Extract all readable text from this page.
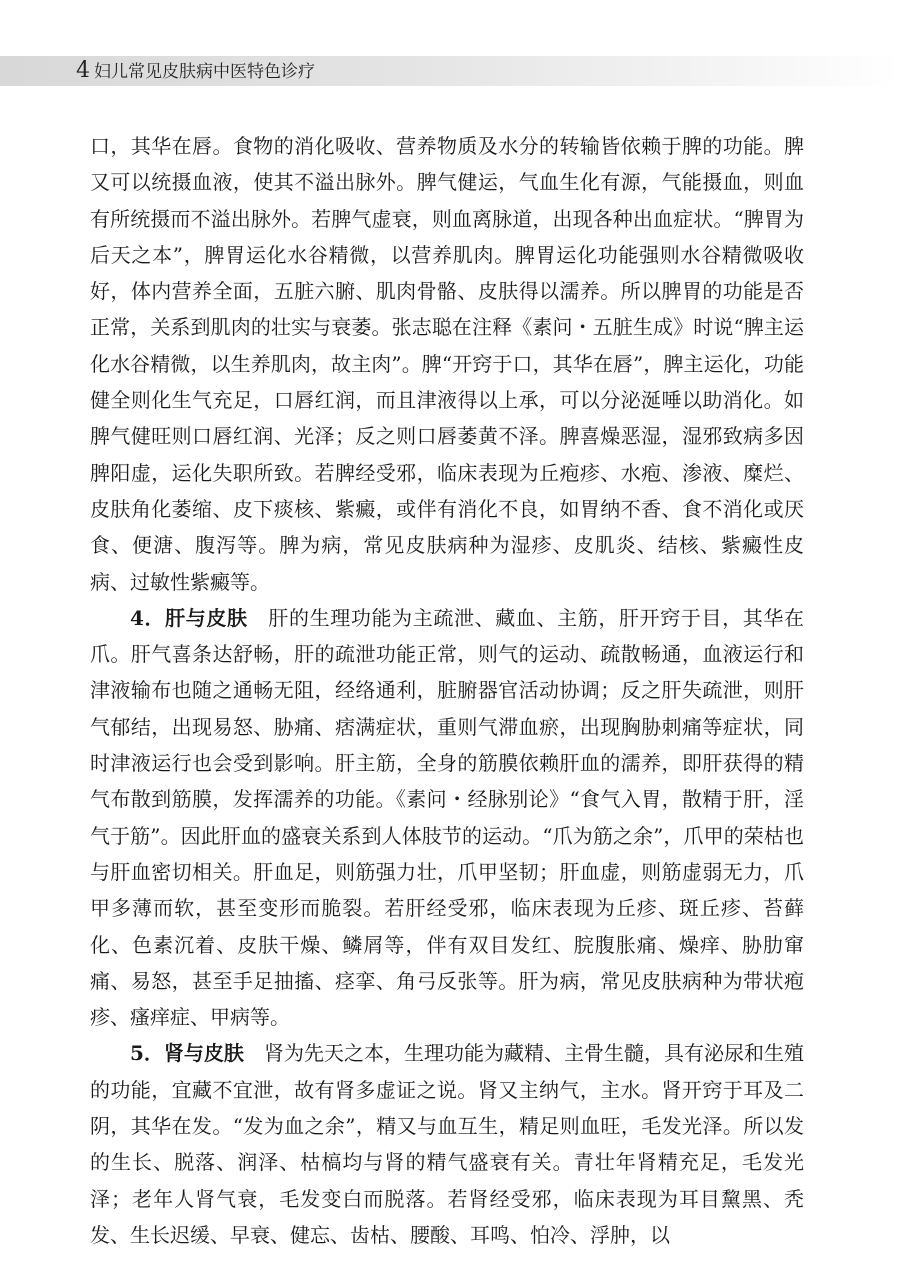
4 妇儿常见皮肤病中医特色诊疗

口，其华在唇。食物的消化吸收、营养物质及水分的转输皆依赖于脾的功能。脾又可以统摄血液，使其不溢出脉外。脾气健运，气血生化有源，气能摄血，则血有所统摄而不溢出脉外。若脾气虚衰，则血离脉道，出现各种出血症状。“脾胃为后天之本”，脾胃运化水谷精微，以营养肌肉。脾胃运化功能强则水谷精微吸收好，体内营养全面，五脏六腑、肌肉骨骼、皮肤得以濡养。所以脾胃的功能是否正常，关系到肌肉的壮实与衰萎。张志聪在注释《素问・五脏生成》时说“脾主运化水谷精微，以生养肌肉，故主肉”。脾“开窍于口，其华在唇”，脾主运化，功能健全则化生气充足，口唇红润，而且津液得以上承，可以分泌涎唾以助消化。如脾气健旺则口唇红润、光泽；反之则口唇萎黄不泽。脾喜燥恶湿，湿邪致病多因脾阳虚，运化失职所致。若脾经受邪，临床表现为丘疱疹、水疱、渗液、糜烂、皮肤角化萎缩、皮下痰核、紫癜，或伴有消化不良，如胃纳不香、食不消化或厌食、便溏、腹泻等。脾为病，常见皮肤病种为湿疹、皮肌炎、结核、紫癜性皮病、过敏性紫癜等。

4．肝与皮肤  肝的生理功能为主疏泄、藏血、主筋，肝开窍于目，其华在爪。肝气喜条达舒畅，肝的疏泄功能正常，则气的运动、疏散畅通，血液运行和津液输布也随之通畅无阻，经络通利，脏腑器官活动协调；反之肝失疏泄，则肝气郁结，出现易怒、胁痛、痞满症状，重则气滞血瘀，出现胸胁刺痛等症状，同时津液运行也会受到影响。肝主筋，全身的筋膜依赖肝血的濡养，即肝获得的精气布散到筋膜，发挥濡养的功能。《素问・经脉别论》“食气入胃，散精于肝，淫气于筋”。因此肝血的盛衰关系到人体肢节的运动。“爪为筋之余”，爪甲的荣枯也与肝血密切相关。肝血足，则筋强力壮，爪甲坚韧；肝血虚，则筋虚弱无力，爪甲多薄而软，甚至变形而脆裂。若肝经受邪，临床表现为丘疹、斑丘疹、苔藓化、色素沉着、皮肤干燥、鳞屑等，伴有双目发红、脘腹胀痛、燥痒、胁肋窜痛、易怒，甚至手足抽搐、痉挛、角弓反张等。肝为病，常见皮肤病种为带状疱疹、瘙痒症、甲病等。

5．肾与皮肤  肾为先天之本，生理功能为藏精、主骨生髓，具有泌尿和生殖的功能，宜藏不宜泄，故有肾多虚证之说。肾又主纳气，主水。肾开窍于耳及二阴，其华在发。“发为血之余”，精又与血互生，精足则血旺，毛发光泽。所以发的生长、脱落、润泽、枯槁均与肾的精气盛衰有关。青壮年肾精充足，毛发光泽；老年人肾气衰，毛发变白而脱落。若肾经受邪，临床表现为耳目黧黑、秃发、生长迟缓、早衰、健忘、齿枯、腰酸、耳鸣、怕冷、浮肿，以
